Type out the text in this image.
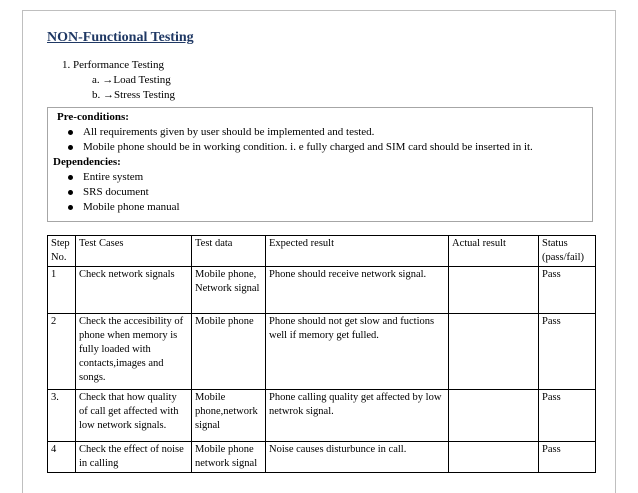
NON-Functional Testing
1. Performance Testing
a. →Load Testing
b. →Stress Testing
Pre-conditions:
All requirements given by user should be implemented and tested.
Mobile phone should be in working condition. i. e fully charged and SIM card should be inserted in it.
Dependencies:
Entire system
SRS document
Mobile phone manual
Step No.	Test Cases	Test data	Expected result	Actual result	Status (pass/fail)
1	Check network signals	Mobile phone, Network signal	Phone should receive network signal.		Pass
2	Check the accesibility of phone when memory is fully loaded with contacts,images and songs.	Mobile phone	Phone should not get slow and fuctions well if memory get fulled.		Pass
3.	Check that how quality of call get affected with low network signals.	Mobile phone,network signal	Phone calling quality get affected by low netwrok signal.		Pass
4	Check the effect of noise in calling	Mobile phone network signal	Noise causes disturbunce in call.		Pass
